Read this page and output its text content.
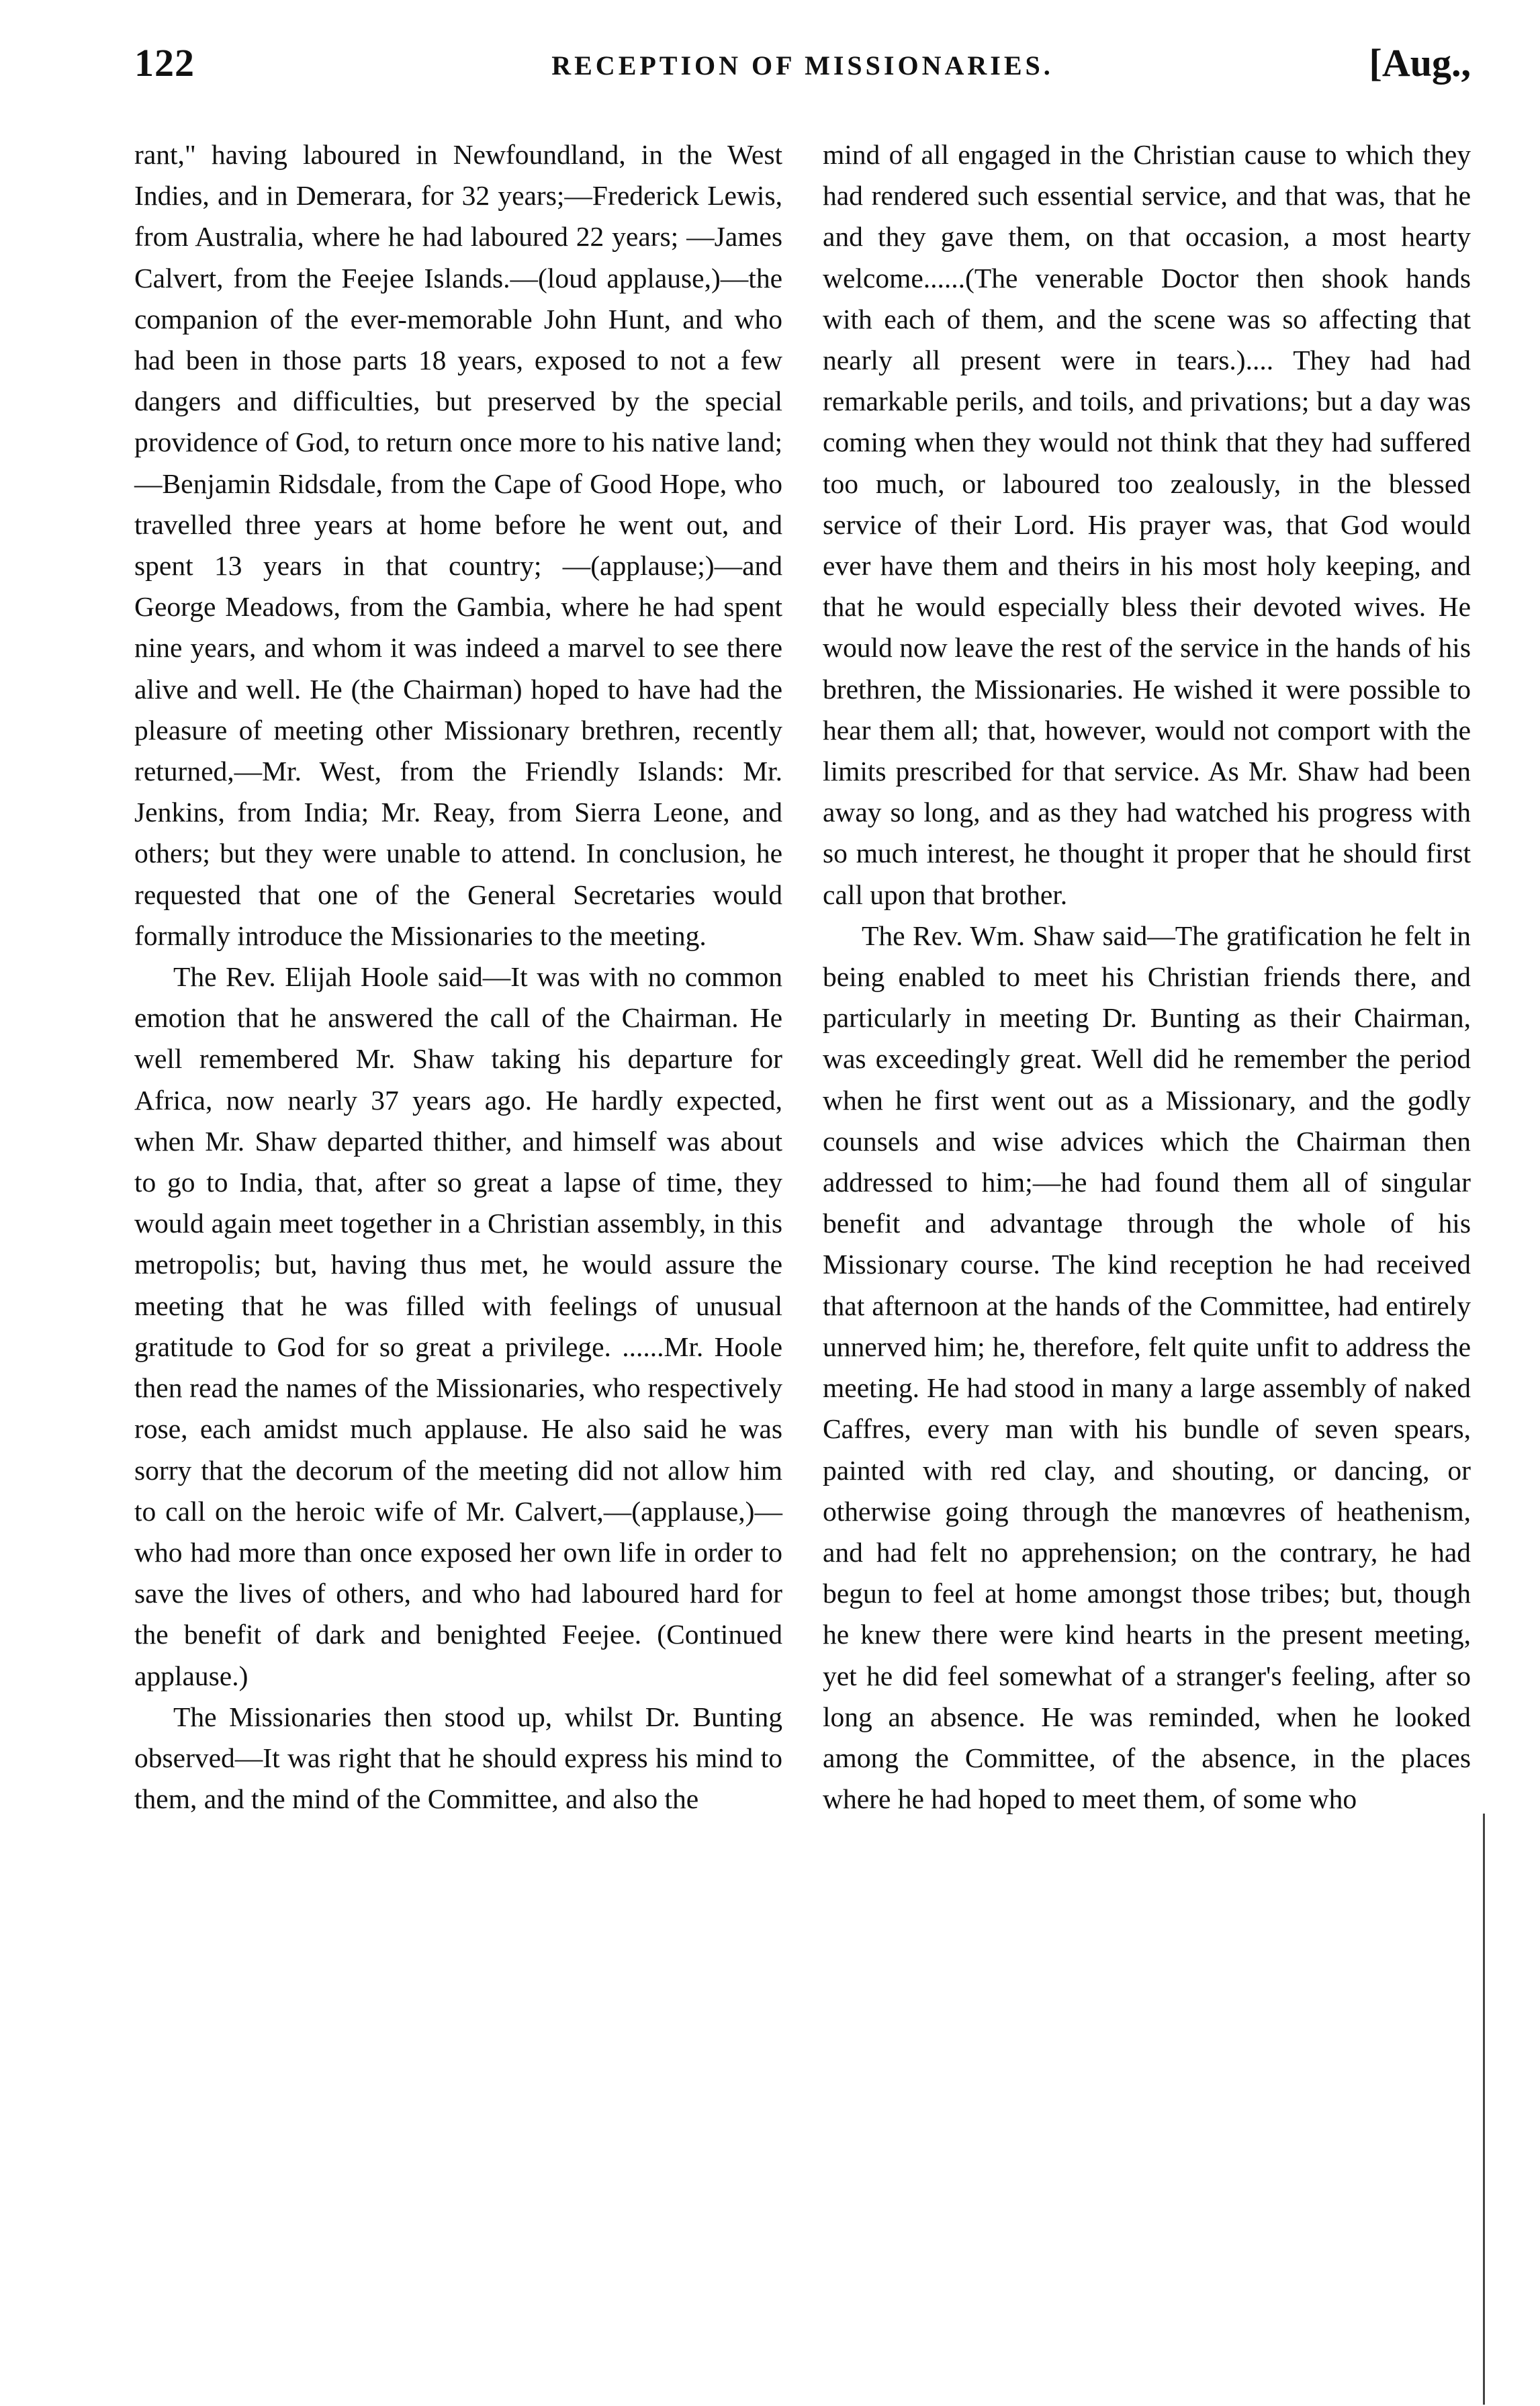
122	RECEPTION OF MISSIONARIES.	[Aug.,

rant," having laboured in Newfoundland, in the West Indies, and in Demerara, for 32 years;—Frederick Lewis, from Australia, where he had laboured 22 years; —James Calvert, from the Feejee Islands.—(loud applause,)—the companion of the ever-memorable John Hunt, and who had been in those parts 18 years, exposed to not a few dangers and difficulties, but preserved by the special providence of God, to return once more to his native land;—Benjamin Ridsdale, from the Cape of Good Hope, who travelled three years at home before he went out, and spent 13 years in that country; —(applause;)—and George Meadows, from the Gambia, where he had spent nine years, and whom it was indeed a marvel to see there alive and well. He (the Chairman) hoped to have had the pleasure of meeting other Missionary brethren, recently returned,—Mr. West, from the Friendly Islands: Mr. Jenkins, from India; Mr. Reay, from Sierra Leone, and others; but they were unable to attend. In conclusion, he requested that one of the General Secretaries would formally introduce the Missionaries to the meeting.

The Rev. Elijah Hoole said—It was with no common emotion that he answered the call of the Chairman. He well remembered Mr. Shaw taking his departure for Africa, now nearly 37 years ago. He hardly expected, when Mr. Shaw departed thither, and himself was about to go to India, that, after so great a lapse of time, they would again meet together in a Christian assembly, in this metropolis; but, having thus met, he would assure the meeting that he was filled with feelings of unusual gratitude to God for so great a privilege. ......Mr. Hoole then read the names of the Missionaries, who respectively rose, each amidst much applause. He also said he was sorry that the decorum of the meeting did not allow him to call on the heroic wife of Mr. Calvert,—(applause,)—who had more than once exposed her own life in order to save the lives of others, and who had laboured hard for the benefit of dark and benighted Feejee. (Continued applause.)

The Missionaries then stood up, whilst Dr. Bunting observed—It was right that he should express his mind to them, and the mind of the Committee, and also the

mind of all engaged in the Christian cause to which they had rendered such essential service, and that was, that he and they gave them, on that occasion, a most hearty welcome......(The venerable Doctor then shook hands with each of them, and the scene was so affecting that nearly all present were in tears.).... They had had remarkable perils, and toils, and privations; but a day was coming when they would not think that they had suffered too much, or laboured too zealously, in the blessed service of their Lord. His prayer was, that God would ever have them and theirs in his most holy keeping, and that he would especially bless their devoted wives. He would now leave the rest of the service in the hands of his brethren, the Missionaries. He wished it were possible to hear them all; that, however, would not comport with the limits prescribed for that service. As Mr. Shaw had been away so long, and as they had watched his progress with so much interest, he thought it proper that he should first call upon that brother.

The Rev. Wm. Shaw said—The gratification he felt in being enabled to meet his Christian friends there, and particularly in meeting Dr. Bunting as their Chairman, was exceedingly great. Well did he remember the period when he first went out as a Missionary, and the godly counsels and wise advices which the Chairman then addressed to him;—he had found them all of singular benefit and advantage through the whole of his Missionary course. The kind reception he had received that afternoon at the hands of the Committee, had entirely unnerved him; he, therefore, felt quite unfit to address the meeting. He had stood in many a large assembly of naked Caffres, every man with his bundle of seven spears, painted with red clay, and shouting, or dancing, or otherwise going through the manœvres of heathenism, and had felt no apprehension; on the contrary, he had begun to feel at home amongst those tribes; but, though he knew there were kind hearts in the present meeting, yet he did feel somewhat of a stranger's feeling, after so long an absence. He was reminded, when he looked among the Committee, of the absence, in the places where he had hoped to meet them, of some who
